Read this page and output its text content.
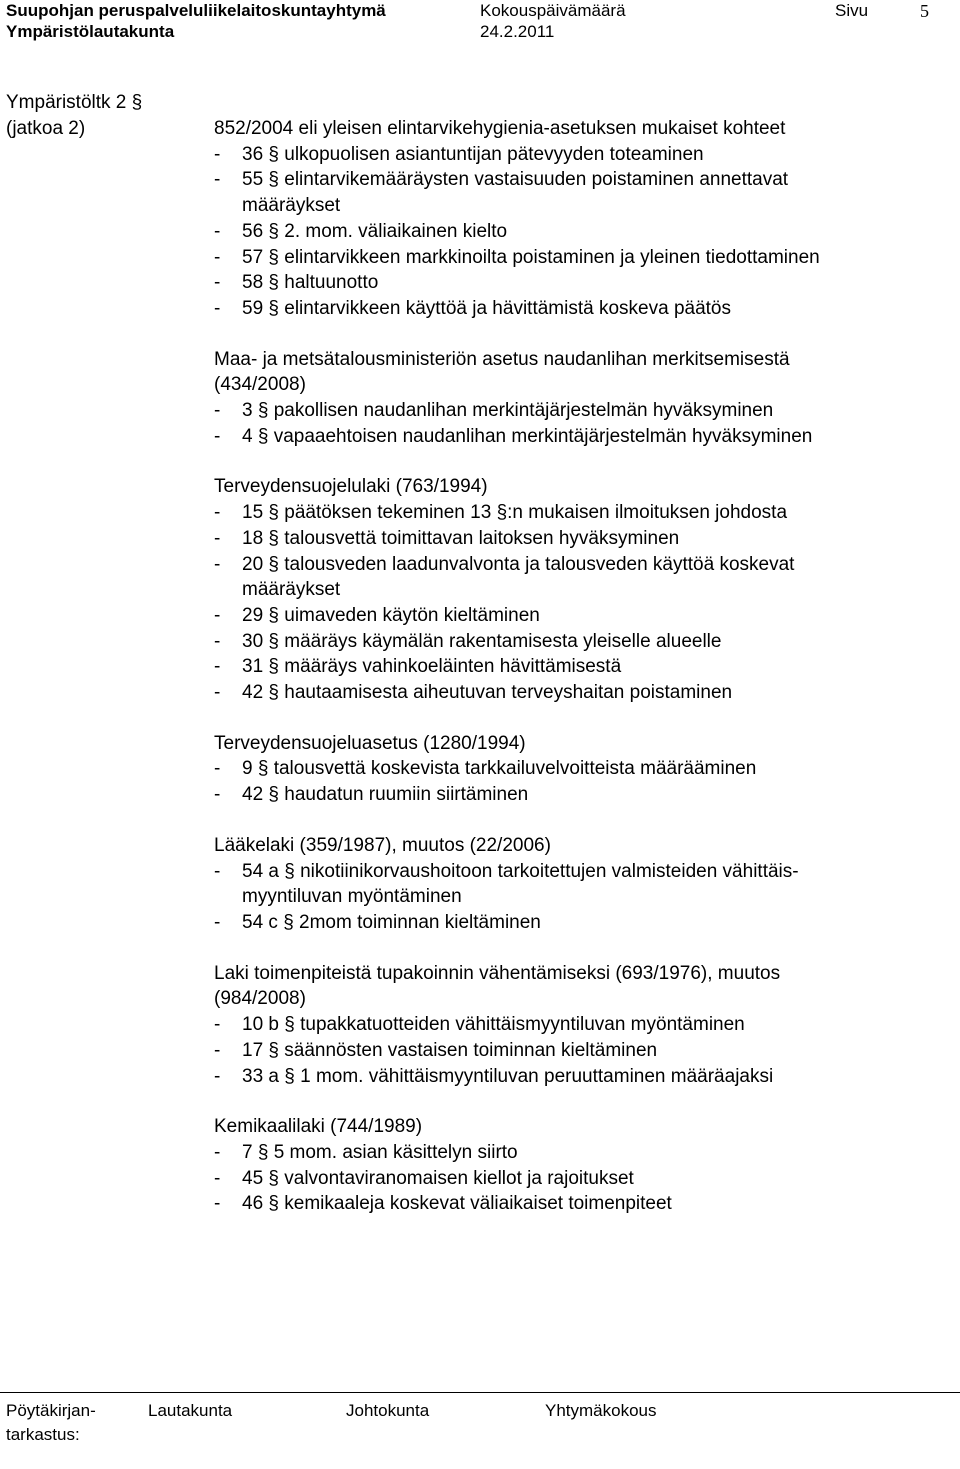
Suupohjan peruspalveluliikelaitoskuntayhtymä	Kokouspäivämäärä	Sivu	5
Ympäristölautakunta	24.2.2011
Ympäristöltk 2 §
(jatkoa 2)	852/2004 eli yleisen elintarvikehygienia-asetuksen mukaiset kohteet
- 36 § ulkopuolisen asiantuntijan pätevyyden toteaminen
- 55 § elintarvikemääräysten vastaisuuden poistaminen annettavat
määräykset
- 56 § 2. mom. väliaikainen kielto
- 57 § elintarvikkeen markkinoilta poistaminen ja yleinen tiedottaminen
- 58 § haltuunotto
- 59 § elintarvikkeen käyttöä ja hävittämistä koskeva päätös
Maa- ja metsätalousministeriön asetus naudanlihan merkitsemisestä
(434/2008)
- 3 § pakollisen naudanlihan merkintäjärjestelmän hyväksyminen
- 4 § vapaaehtoisen naudanlihan merkintäjärjestelmän hyväksyminen
Terveydensuojelulaki (763/1994)
- 15 § päätöksen tekeminen 13 §:n mukaisen ilmoituksen johdosta
- 18 § talousvettä toimittavan laitoksen hyväksyminen
- 20 § talousveden laadunvalvonta ja talousveden käyttöä koskevat
määräykset
- 29 § uimaveden käytön kieltäminen
- 30 § määräys käymälän rakentamisesta yleiselle alueelle
- 31 § määräys vahinkoeläinten hävittämisestä
- 42 § hautaamisesta aiheutuvan terveyshaitan poistaminen
Terveydensuojeluasetus (1280/1994)
- 9 § talousvettä koskevista tarkkailuvelvoitteista määrääminen
- 42 § haudatun ruumiin siirtäminen
Lääkelaki (359/1987), muutos (22/2006)
- 54 a § nikotiinikorvaushoitoon tarkoitettujen valmisteiden vähittäis-
myyntiluvan myöntäminen
- 54 c § 2mom toiminnan kieltäminen
Laki toimenpiteistä tupakoinnin vähentämiseksi (693/1976), muutos
(984/2008)
- 10 b § tupakkatuotteiden vähittäismyyntiluvan myöntäminen
- 17 § säännösten vastaisen toiminnan kieltäminen
- 33 a § 1 mom. vähittäismyyntiluvan peruuttaminen määräajaksi
Kemikaalilaki (744/1989)
- 7 § 5 mom. asian käsittelyn siirto
- 45 § valvontaviranomaisen kiellot ja rajoitukset
- 46 § kemikaaleja koskevat väliaikaiset toimenpiteet
Pöytäkirjan-
tarkastus:
Lautakunta	Johtokunta	Yhtymäkokous
